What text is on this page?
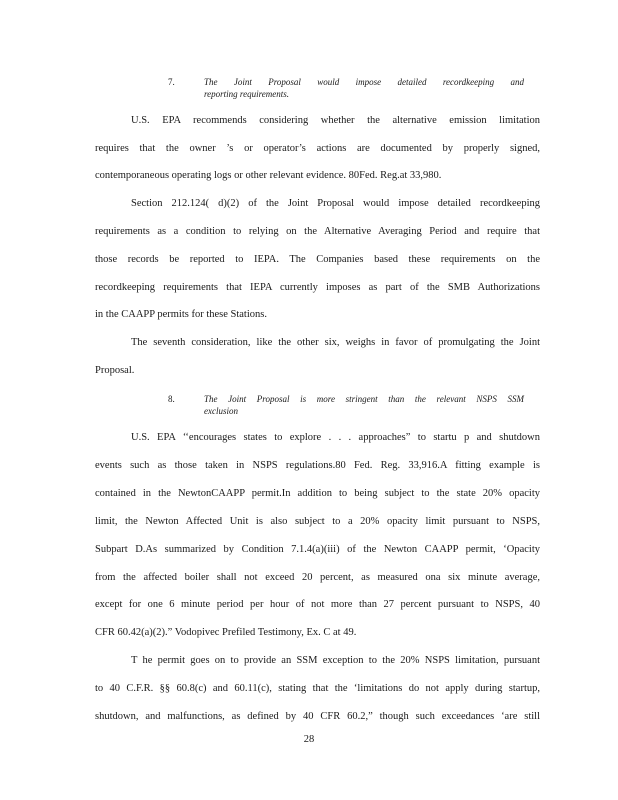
7.	The Joint Proposal would impose detailed recordkeeping and
reporting requirements.
U.S. EPA recommends considering whether the alternative emission limitation
requires that the owner ’s or operator’s actions are documented by properly signed,
contemporaneous operating logs or other relevant evidence. 80Fed. Reg.at 33,980.
Section 212.124( d)(2) of the Joint Proposal would impose detailed recordkeeping
requirements as a condition to relying on the Alternative Averaging Period and require that
those records be reported to IEPA. The Companies based these requirements on the
recordkeeping requirements that IEPA currently imposes as part of the SMB Authorizations
in the CAAPP permits for these Stations.
The seventh consideration, like the other six, weighs in favor of promulgating the Joint
Proposal.
8.	The Joint Proposal is more stringent than the relevant NSPS SSM
exclusion
U.S. EPA ‘‘encourages states to explore . . . approaches” to startu p and shutdown
events such as those taken in NSPS regulations.80 Fed. Reg. 33,916.A fitting example is
contained in the NewtonCAAPP permit.In addition to being subject to the state 20% opacity
limit, the Newton Affected Unit is also subject to a 20% opacity limit pursuant to NSPS,
Subpart D.As summarized by Condition 7.1.4(a)(iii) of the Newton CAAPP permit, ‘Opacity
from the affected boiler shall not exceed 20 percent, as measured ona six minute average,
except for one 6 minute period per hour of not more than 27 percent pursuant to NSPS, 40
CFR 60.42(a)(2).” Vodopivec Prefiled Testimony, Ex. C at 49.
T he permit goes on to provide an SSM exception to the 20% NSPS limitation, pursuant
to 40 C.F.R. §§ 60.8(c) and 60.11(c), stating that the ‘limitations do not apply during startup,
shutdown, and malfunctions, as defined by 40 CFR 60.2,” though such exceedances ‘are still
28
